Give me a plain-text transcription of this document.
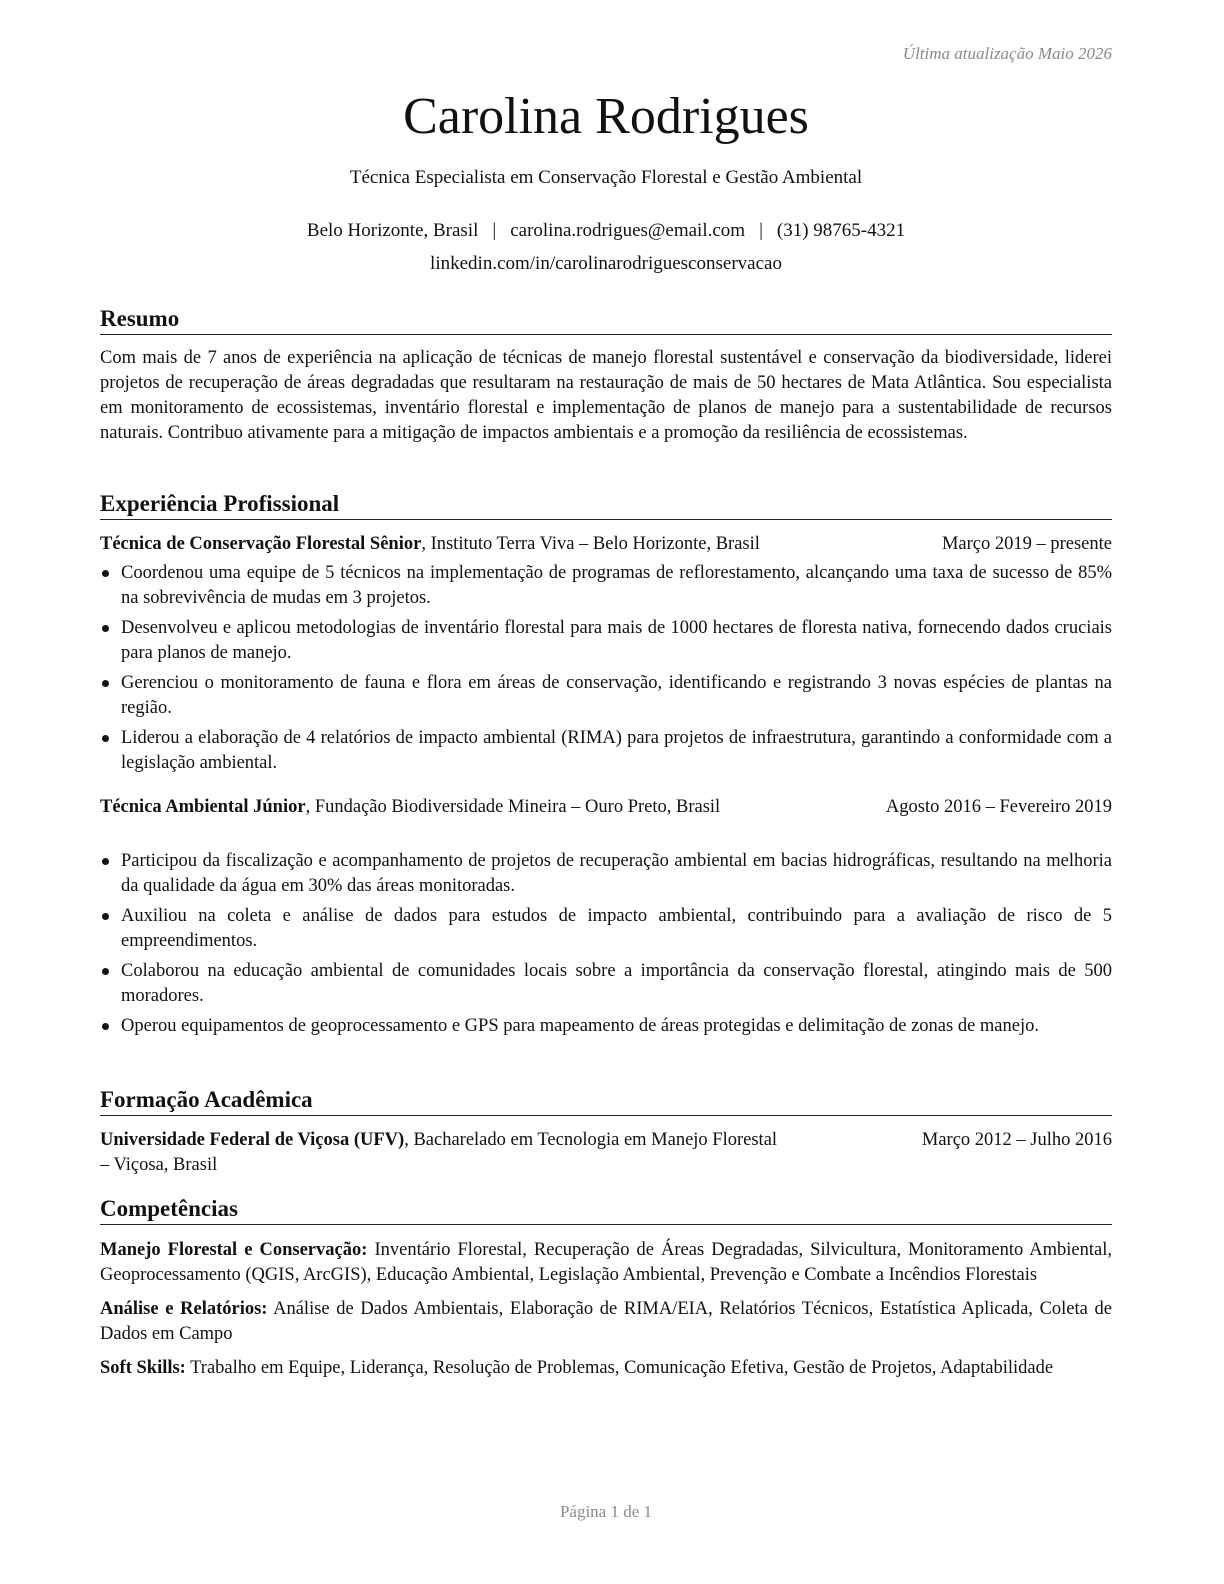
Última atualização Maio 2026
Carolina Rodrigues
Técnica Especialista em Conservação Florestal e Gestão Ambiental
Belo Horizonte, Brasil | carolina.rodrigues@email.com | (31) 98765-4321
linkedin.com/in/carolinarodriguesconservacao
Resumo
Com mais de 7 anos de experiência na aplicação de técnicas de manejo florestal sustentável e conservação da biodiversidade, liderei projetos de recuperação de áreas degradadas que resultaram na restauração de mais de 50 hectares de Mata Atlântica. Sou especialista em monitoramento de ecossistemas, inventário florestal e implementação de planos de manejo para a sustentabilidade de recursos naturais. Contribuo ativamente para a mitigação de impactos ambientais e a promoção da resiliência de ecossistemas.
Experiência Profissional
Técnica de Conservação Florestal Sênior, Instituto Terra Viva – Belo Horizonte, Brasil	Março 2019 – presente
Coordenou uma equipe de 5 técnicos na implementação de programas de reflorestamento, alcançando uma taxa de sucesso de 85% na sobrevivência de mudas em 3 projetos.
Desenvolveu e aplicou metodologias de inventário florestal para mais de 1000 hectares de floresta nativa, fornecendo dados cruciais para planos de manejo.
Gerenciou o monitoramento de fauna e flora em áreas de conservação, identificando e registrando 3 novas espécies de plantas na região.
Liderou a elaboração de 4 relatórios de impacto ambiental (RIMA) para projetos de infraestrutura, garantindo a conformidade com a legislação ambiental.
Técnica Ambiental Júnior, Fundação Biodiversidade Mineira – Ouro Preto, Brasil	Agosto 2016 – Fevereiro 2019
Participou da fiscalização e acompanhamento de projetos de recuperação ambiental em bacias hidrográficas, resultando na melhoria da qualidade da água em 30% das áreas monitoradas.
Auxiliou na coleta e análise de dados para estudos de impacto ambiental, contribuindo para a avaliação de risco de 5 empreendimentos.
Colaborou na educação ambiental de comunidades locais sobre a importância da conservação florestal, atingindo mais de 500 moradores.
Operou equipamentos de geoprocessamento e GPS para mapeamento de áreas protegidas e delimitação de zonas de manejo.
Formação Acadêmica
Universidade Federal de Viçosa (UFV), Bacharelado em Tecnologia em Manejo Florestal
– Viçosa, Brasil
Março 2012 – Julho 2016
Competências
Manejo Florestal e Conservação: Inventário Florestal, Recuperação de Áreas Degradadas, Silvicultura, Monitoramento Ambiental, Geoprocessamento (QGIS, ArcGIS), Educação Ambiental, Legislação Ambiental, Prevenção e Combate a Incêndios Florestais
Análise e Relatórios: Análise de Dados Ambientais, Elaboração de RIMA/EIA, Relatórios Técnicos, Estatística Aplicada, Coleta de Dados em Campo
Soft Skills: Trabalho em Equipe, Liderança, Resolução de Problemas, Comunicação Efetiva, Gestão de Projetos, Adaptabilidade
Página 1 de 1
